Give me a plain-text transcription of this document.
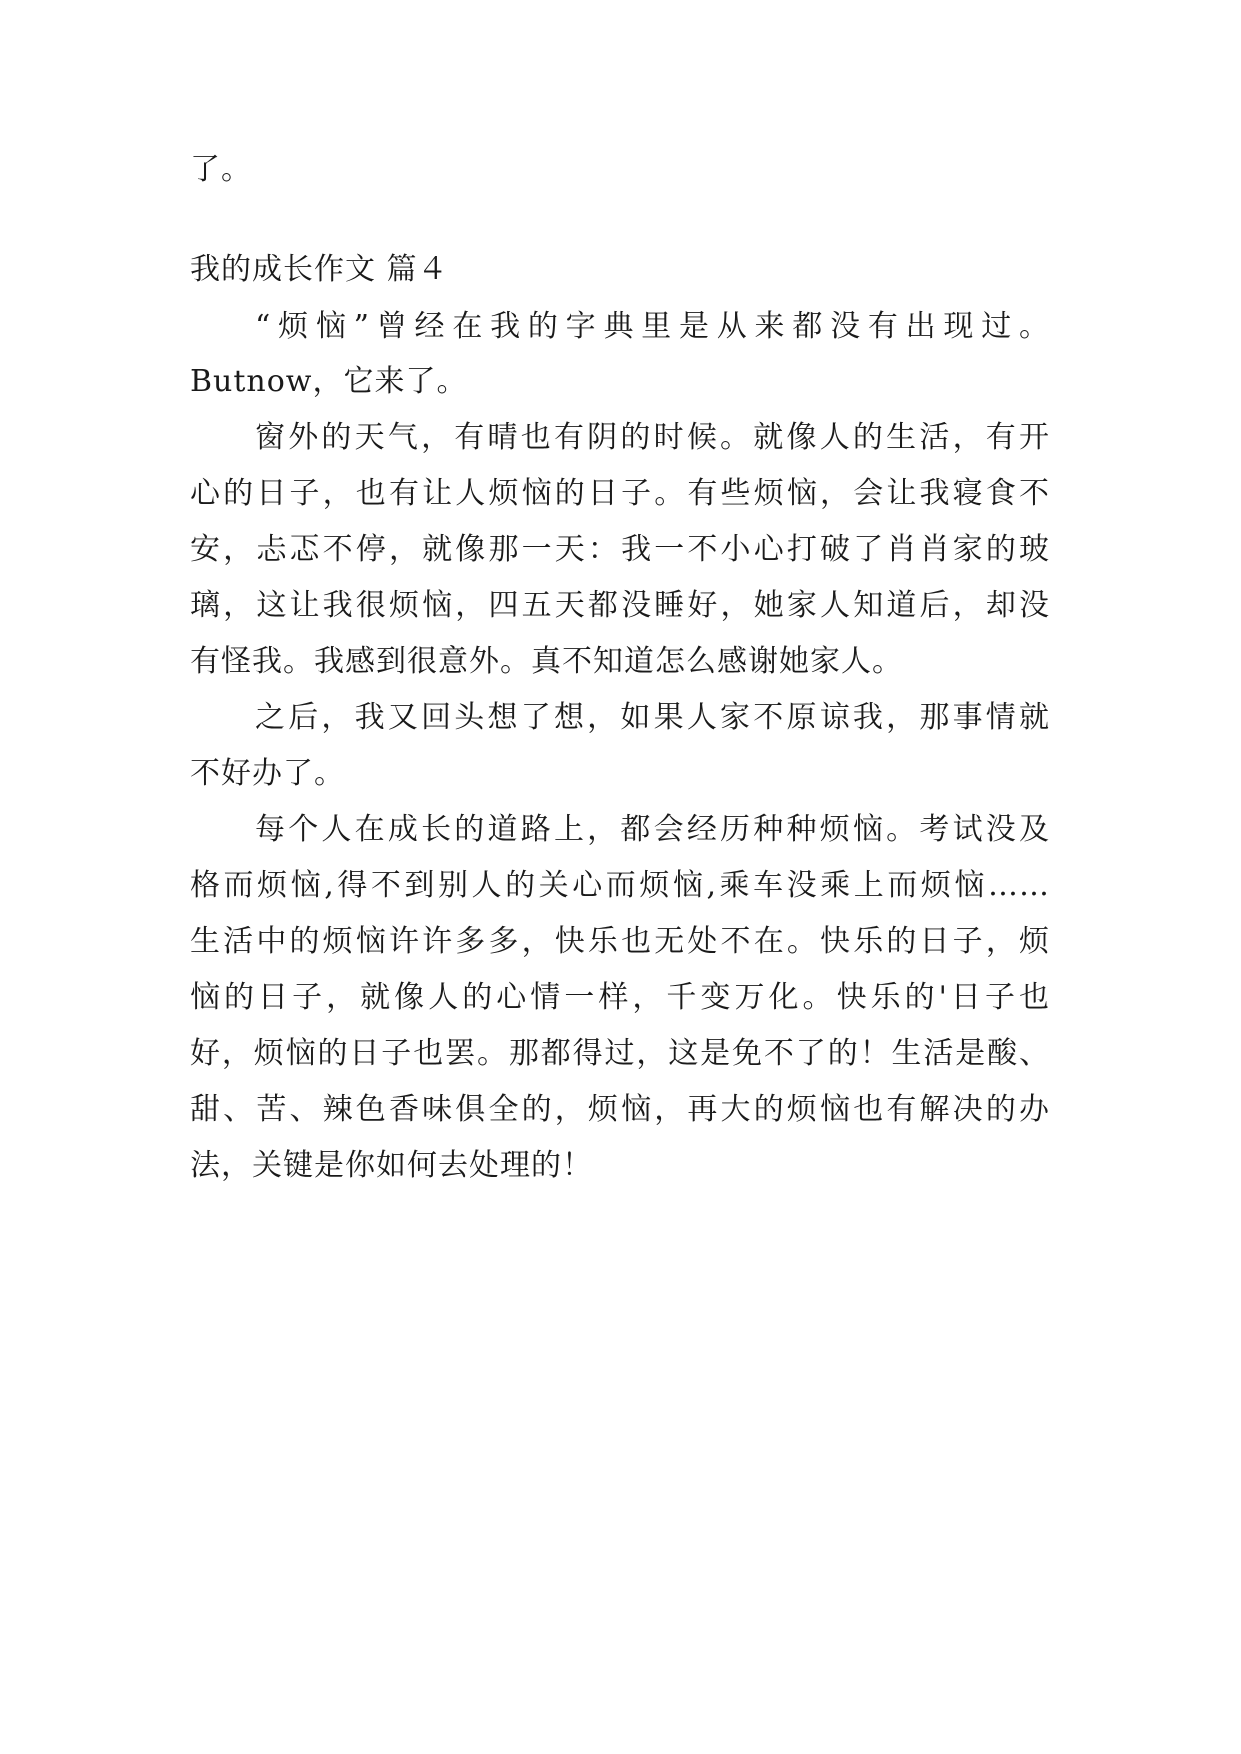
了。
我的成长作文 篇４
“烦恼”曾经在我的字典里是从来都没有出现过。
Butnow，它来了。
窗外的天气，有晴也有阴的时候。就像人的生活，有开
心的日子，也有让人烦恼的日子。有些烦恼，会让我寝食不
安，忐忑不停，就像那一天：我一不小心打破了肖肖家的玻
璃，这让我很烦恼，四五天都没睡好，她家人知道后，却没
有怪我。我感到很意外。真不知道怎么感谢她家人。
之后，我又回头想了想，如果人家不原谅我，那事情就
不好办了。
每个人在成长的道路上，都会经历种种烦恼。考试没及
格而烦恼,得不到别人的关心而烦恼,乘车没乘上而烦恼……
生活中的烦恼许许多多，快乐也无处不在。快乐的日子，烦
恼的日子，就像人的心情一样，千变万化。快乐的'日子也
好，烦恼的日子也罢。那都得过，这是免不了的！生活是酸、
甜、苦、辣色香味俱全的，烦恼，再大的烦恼也有解决的办
法，关键是你如何去处理的！
